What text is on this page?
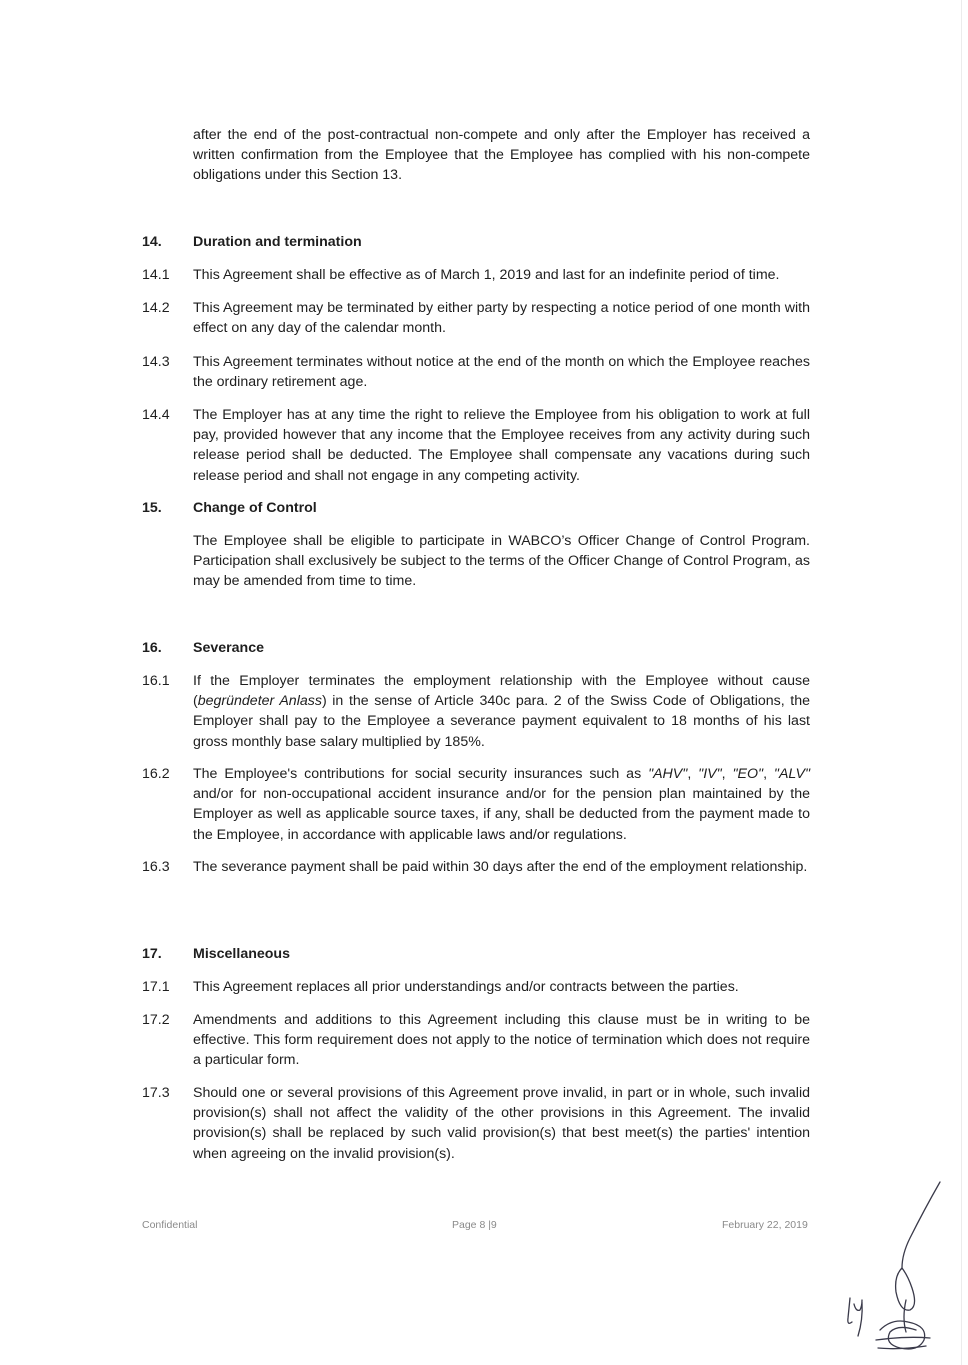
after the end of the post-contractual non-compete and only after the Employer has received a written confirmation from the Employee that the Employee has complied with his non-compete obligations under this Section 13.

14. Duration and termination

14.1 This Agreement shall be effective as of March 1, 2019 and last for an indefinite period of time.

14.2 This Agreement may be terminated by either party by respecting a notice period of one month with effect on any day of the calendar month.

14.3 This Agreement terminates without notice at the end of the month on which the Employee reaches the ordinary retirement age.

14.4 The Employer has at any time the right to relieve the Employee from his obligation to work at full pay, provided however that any income that the Employee receives from any activity during such release period shall be deducted. The Employee shall compensate any vacations during such release period and shall not engage in any competing activity.

15. Change of Control

The Employee shall be eligible to participate in WABCO’s Officer Change of Control Program. Participation shall exclusively be subject to the terms of the Officer Change of Control Program, as may be amended from time to time.

16. Severance

16.1 If the Employer terminates the employment relationship with the Employee without cause (begründeter Anlass) in the sense of Article 340c para. 2 of the Swiss Code of Obligations, the Employer shall pay to the Employee a severance payment equivalent to 18 months of his last gross monthly base salary multiplied by 185%.

16.2 The Employee's contributions for social security insurances such as "AHV", "IV", "EO", "ALV" and/or for non-occupational accident insurance and/or for the pension plan maintained by the Employer as well as applicable source taxes, if any, shall be deducted from the payment made to the Employee, in accordance with applicable laws and/or regulations.

16.3 The severance payment shall be paid within 30 days after the end of the employment relationship.

17. Miscellaneous

17.1 This Agreement replaces all prior understandings and/or contracts between the parties.

17.2 Amendments and additions to this Agreement including this clause must be in writing to be effective. This form requirement does not apply to the notice of termination which does not require a particular form.

17.3 Should one or several provisions of this Agreement prove invalid, in part or in whole, such invalid provision(s) shall not affect the validity of the other provisions in this Agreement. The invalid provision(s) shall be replaced by such valid provision(s) that best meet(s) the parties' intention when agreeing on the invalid provision(s).

Confidential	Page 8 |9	February 22, 2019
